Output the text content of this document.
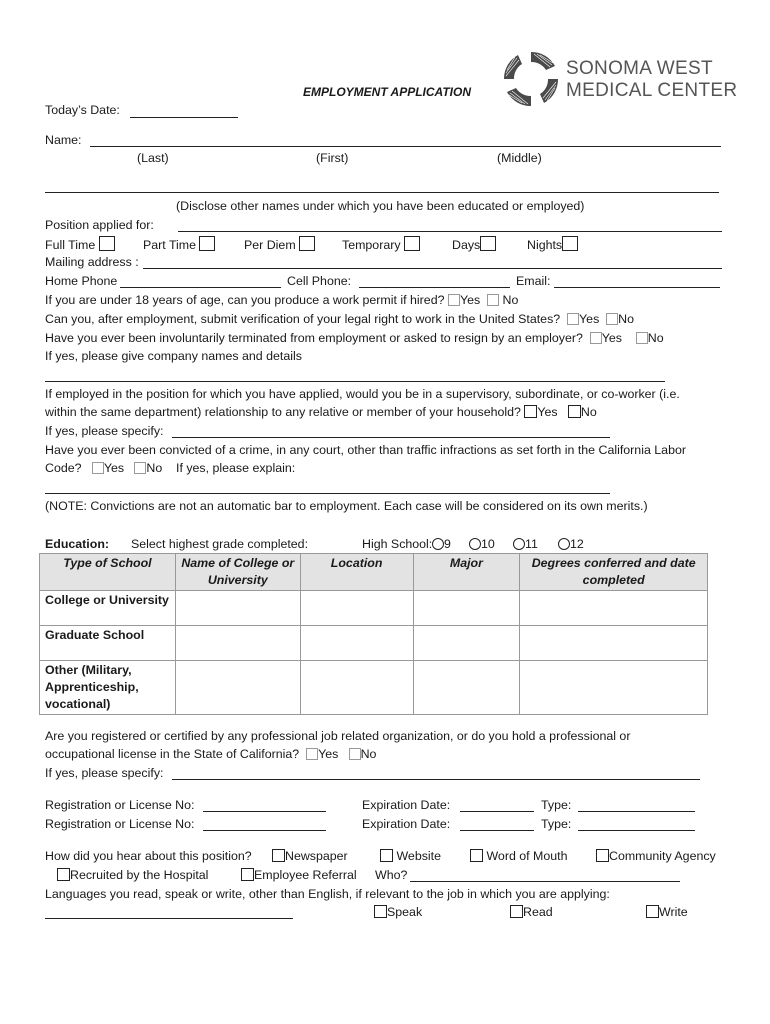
EMPLOYMENT APPLICATION
SONOMA WEST
MEDICAL CENTER
Today’s Date:
Name:
(Last)	(First)	(Middle)
(Disclose other names under which you have been educated or employed)
Position applied for:
Full Time	Part Time	Per Diem	Temporary	Days	Nights
Mailing address :
Home Phone	Cell Phone:	Email:
If you are under 18 years of age, can you produce a work permit if hired? Yes No
Can you, after employment, submit verification of your legal right to work in the United States? Yes No
Have you ever been involuntarily terminated from employment or asked to resign by an employer? Yes No
If yes, please give company names and details
If employed in the position for which you have applied, would you be in a supervisory, subordinate, or co-worker (i.e.
within the same department) relationship to any relative or member of your household? Yes No
If yes, please specify:
Have you ever been convicted of a crime, in any court, other than traffic infractions as set forth in the California Labor
Code? Yes No If yes, please explain:
(NOTE: Convictions are not an automatic bar to employment. Each case will be considered on its own merits.)
Education: Select highest grade completed:	High School: 9	10	11	12
Type of School	Name of College or University	Location	Major	Degrees conferred and date completed
College or University				
Graduate School				
Other (Military, Apprenticeship, vocational)				
Are you registered or certified by any professional job related organization, or do you hold a professional or
occupational license in the State of California? Yes No
If yes, please specify:
Registration or License No:	Expiration Date:	Type:
Registration or License No:	Expiration Date:	Type:
How did you hear about this position?	Newspaper	Website	Word of Mouth	Community Agency
Recruited by the Hospital	Employee Referral Who?
Languages you read, speak or write, other than English, if relevant to the job in which you are applying:
Speak	Read	Write
